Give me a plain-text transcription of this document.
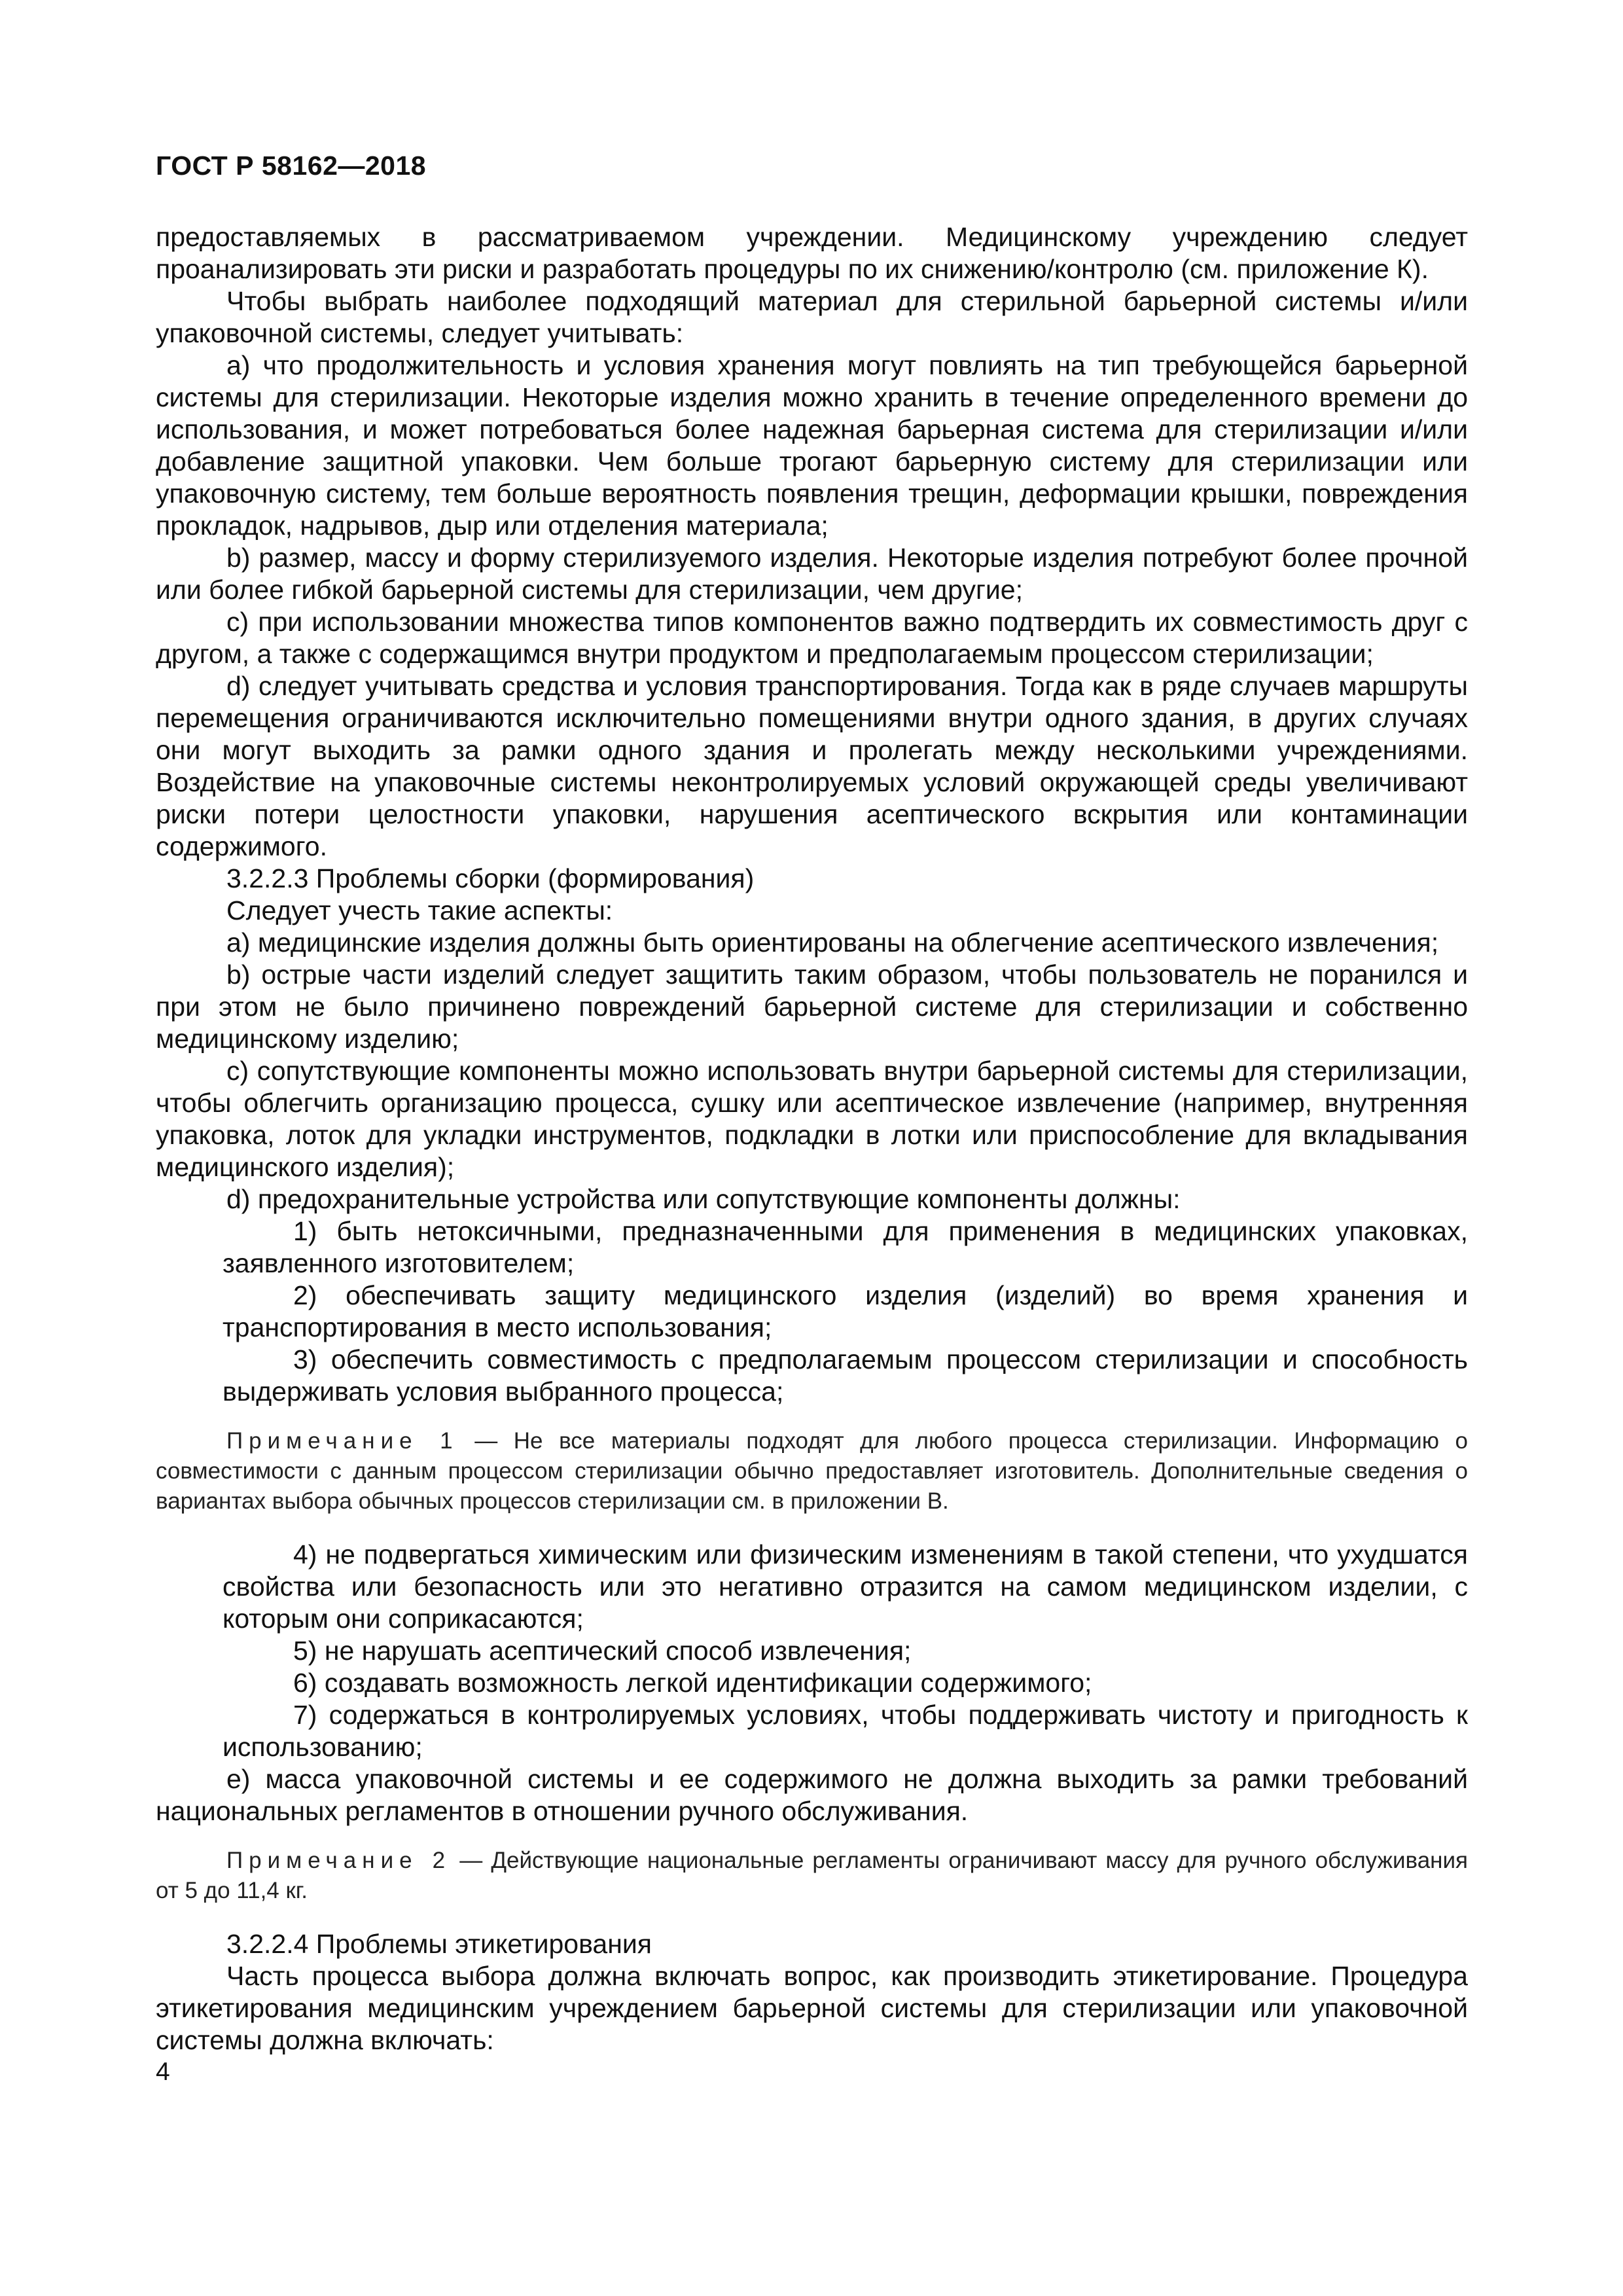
ГОСТ Р 58162—2018

предоставляемых в рассматриваемом учреждении. Медицинскому учреждению следует проанализировать эти риски и разработать процедуры по их снижению/контролю (см. приложение К).

Чтобы выбрать наиболее подходящий материал для стерильной барьерной системы и/или упаковочной системы, следует учитывать:

а) что продолжительность и условия хранения могут повлиять на тип требующейся барьерной системы для стерилизации. Некоторые изделия можно хранить в течение определенного времени до использования, и может потребоваться более надежная барьерная система для стерилизации и/или добавление защитной упаковки. Чем больше трогают барьерную систему для стерилизации или упаковочную систему, тем больше вероятность появления трещин, деформации крышки, повреждения прокладок, надрывов, дыр или отделения материала;

b) размер, массу и форму стерилизуемого изделия. Некоторые изделия потребуют более прочной или более гибкой барьерной системы для стерилизации, чем другие;

c) при использовании множества типов компонентов важно подтвердить их совместимость друг с другом, а также с содержащимся внутри продуктом и предполагаемым процессом стерилизации;

d) следует учитывать средства и условия транспортирования. Тогда как в ряде случаев маршруты перемещения ограничиваются исключительно помещениями внутри одного здания, в других случаях они могут выходить за рамки одного здания и пролегать между несколькими учреждениями. Воздействие на упаковочные системы неконтролируемых условий окружающей среды увеличивают риски потери целостности упаковки, нарушения асептического вскрытия или контаминации содержимого.

3.2.2.3 Проблемы сборки (формирования)

Следует учесть такие аспекты:

а) медицинские изделия должны быть ориентированы на облегчение асептического извлечения;

b) острые части изделий следует защитить таким образом, чтобы пользователь не поранился и при этом не было причинено повреждений барьерной системе для стерилизации и собственно медицинскому изделию;

c) сопутствующие компоненты можно использовать внутри барьерной системы для стерилизации, чтобы облегчить организацию процесса, сушку или асептическое извлечение (например, внутренняя упаковка, лоток для укладки инструментов, подкладки в лотки или приспособление для вкладывания медицинского изделия);

d) предохранительные устройства или сопутствующие компоненты должны:

1) быть нетоксичными, предназначенными для применения в медицинских упаковках, заявленного изготовителем;

2) обеспечивать защиту медицинского изделия (изделий) во время хранения и транспортирования в место использования;

3) обеспечить совместимость с предполагаемым процессом стерилизации и способность выдерживать условия выбранного процесса;

Примечание 1 — Не все материалы подходят для любого процесса стерилизации. Информацию о совместимости с данным процессом стерилизации обычно предоставляет изготовитель. Дополнительные сведения о вариантах выбора обычных процессов стерилизации см. в приложении В.

4) не подвергаться химическим или физическим изменениям в такой степени, что ухудшатся свойства или безопасность или это негативно отразится на самом медицинском изделии, с которым они соприкасаются;

5) не нарушать асептический способ извлечения;

6) создавать возможность легкой идентификации содержимого;

7) содержаться в контролируемых условиях, чтобы поддерживать чистоту и пригодность к использованию;

e) масса упаковочной системы и ее содержимого не должна выходить за рамки требований национальных регламентов в отношении ручного обслуживания.

Примечание 2 — Действующие национальные регламенты ограничивают массу для ручного обслуживания от 5 до 11,4 кг.

3.2.2.4 Проблемы этикетирования

Часть процесса выбора должна включать вопрос, как производить этикетирование. Процедура этикетирования медицинским учреждением барьерной системы для стерилизации или упаковочной системы должна включать:

4
